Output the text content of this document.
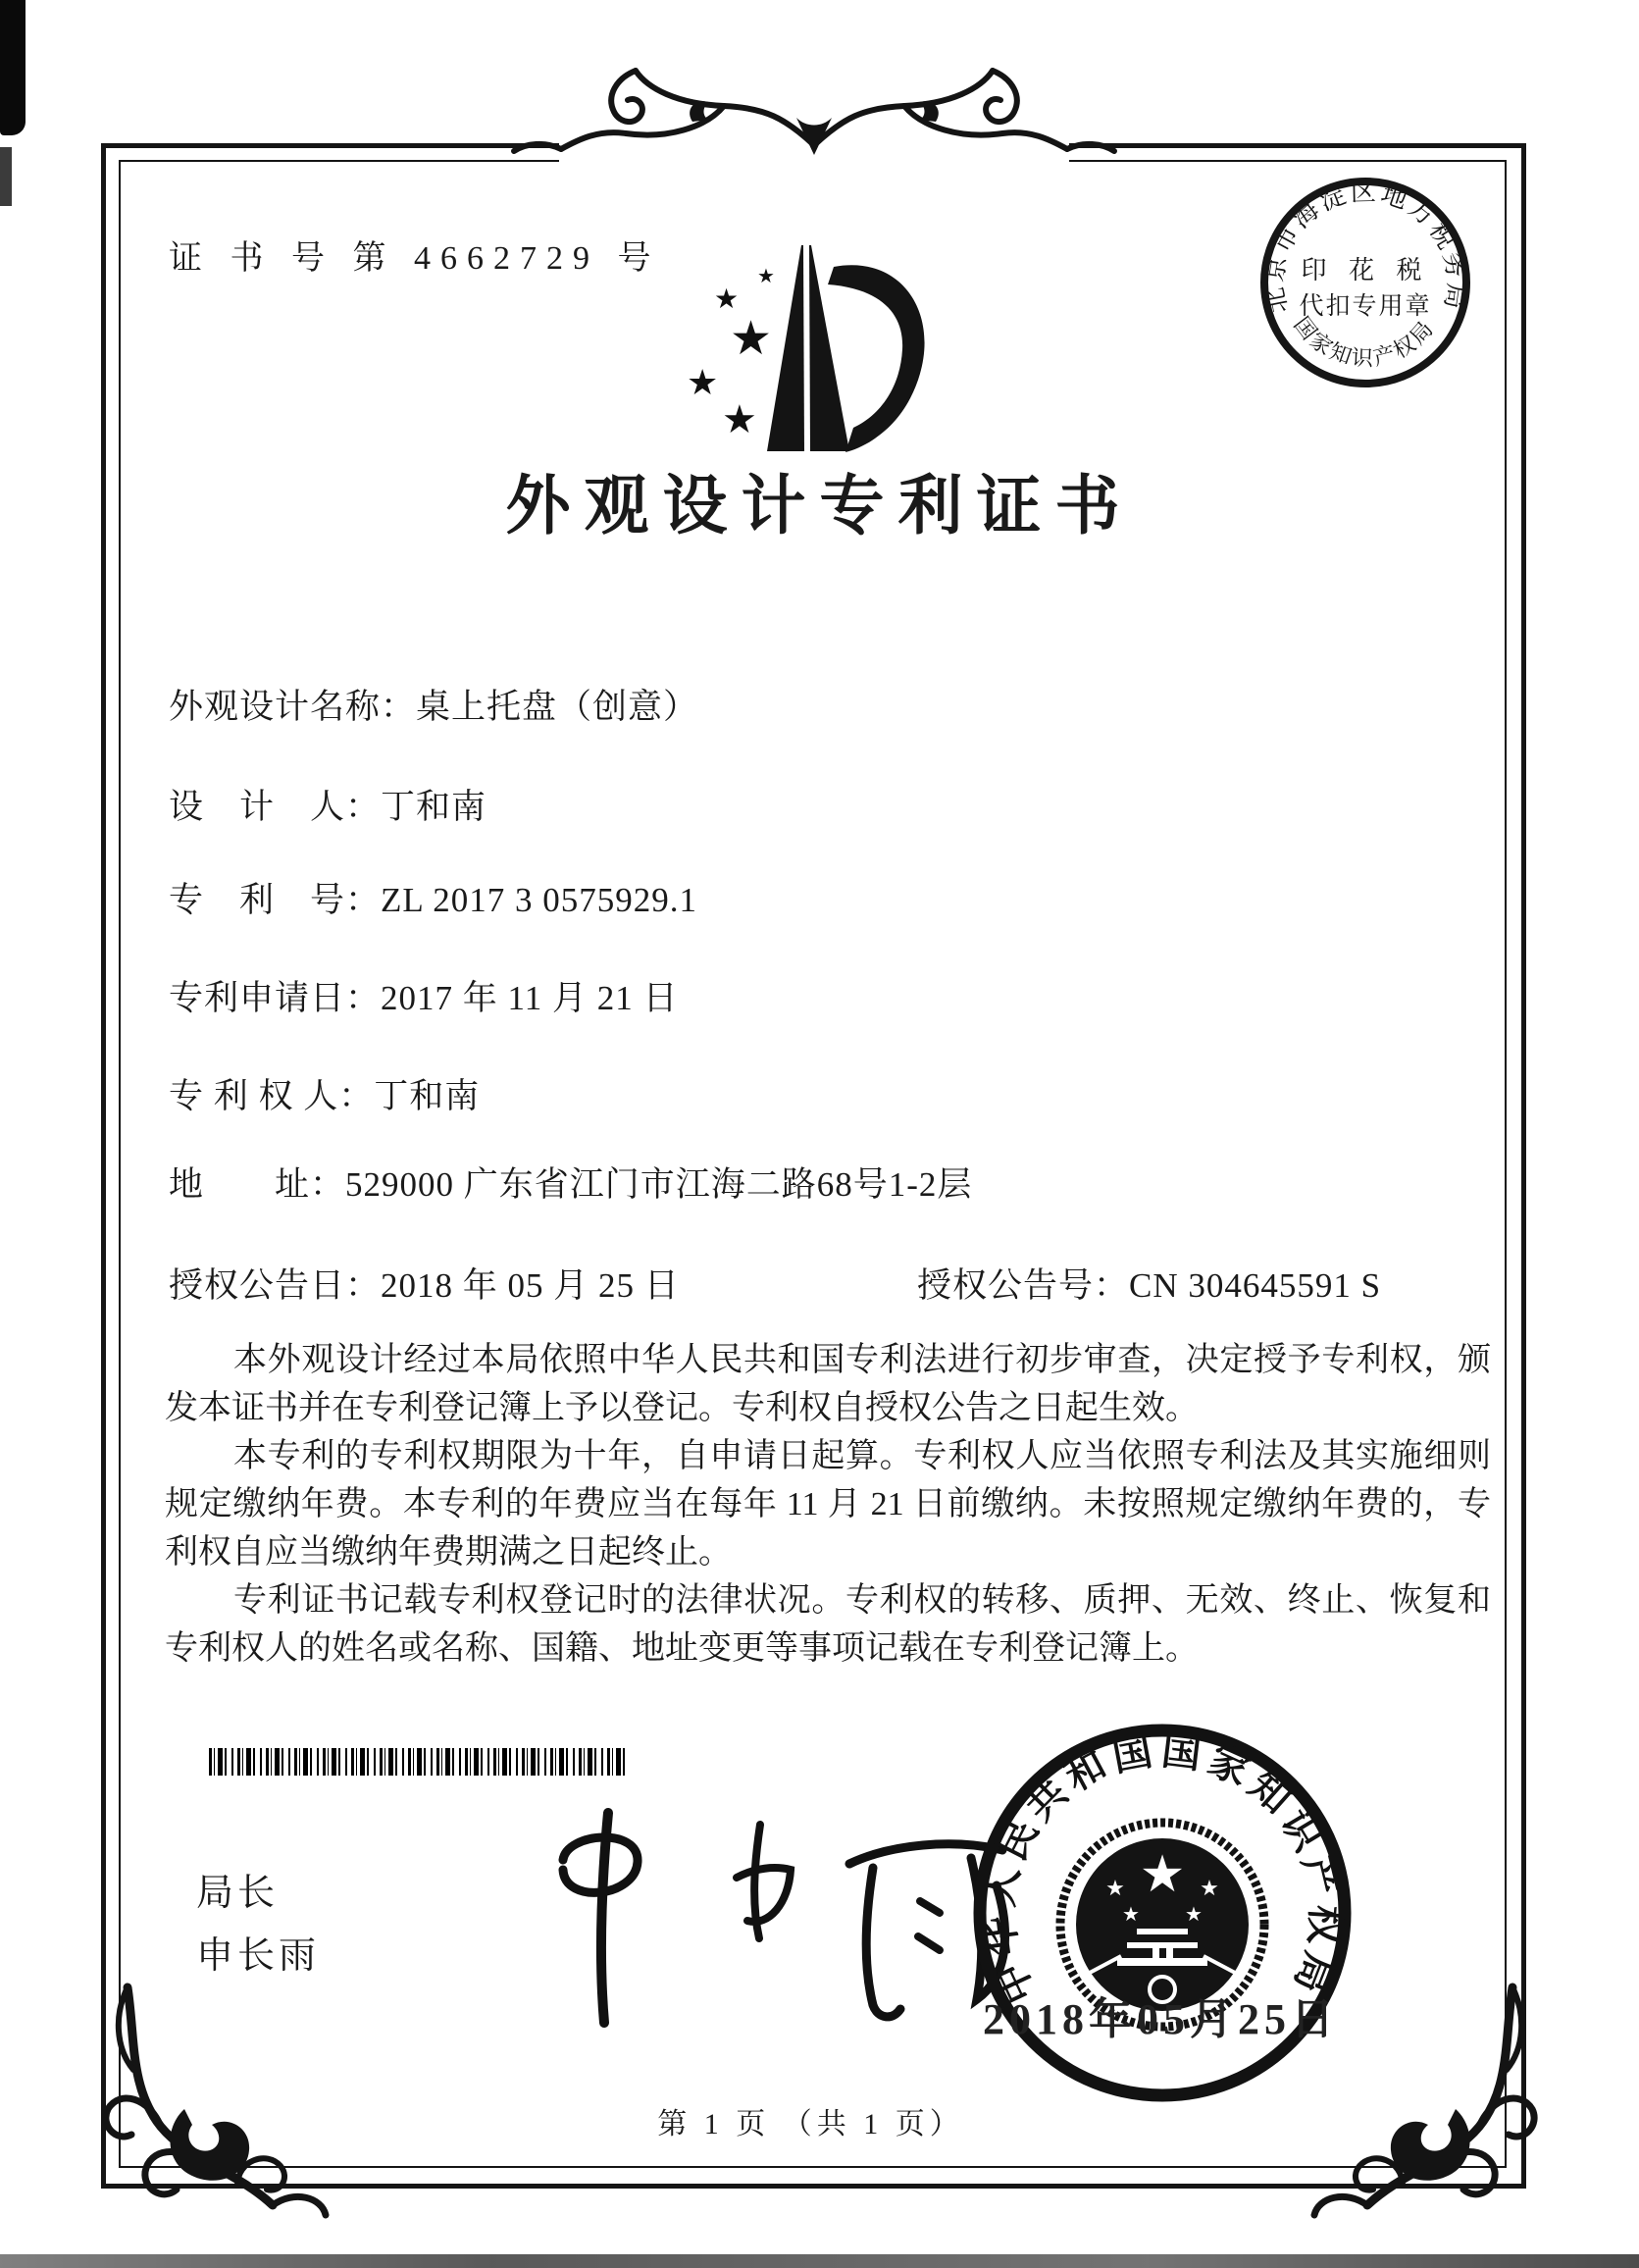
证 书 号 第 4662729 号
北京市海淀区地方税务局
国家知识产权局
印 花 税
代扣专用章
★
★
★
★
★
外观设计专利证书
外观设计名称：桌上托盘（创意）
设　计　人：丁和南
专　利　号：ZL 2017 3 0575929.1
专利申请日：2017 年 11 月 21 日
专 利 权 人：丁和南
地　　址：529000 广东省江门市江海二路68号1-2层
授权公告日：2018 年 05 月 25 日	授权公告号：CN 304645591 S

本外观设计经过本局依照中华人民共和国专利法进行初步审查，决定授予专利权，颁发本证书并在专利登记簿上予以登记。专利权自授权公告之日起生效。

本专利的专利权期限为十年，自申请日起算。专利权人应当依照专利法及其实施细则规定缴纳年费。本专利的年费应当在每年 11 月 21 日前缴纳。未按照规定缴纳年费的，专利权自应当缴纳年费期满之日起终止。

专利证书记载专利权登记时的法律状况。专利权的转移、质押、无效、终止、恢复和专利权人的姓名或名称、国籍、地址变更等事项记载在专利登记簿上。

局长
申长雨	中华人民共和国国家知识产权局
★
★	★
★ ★
2018年05月25日
第 1 页 （共 1 页）
